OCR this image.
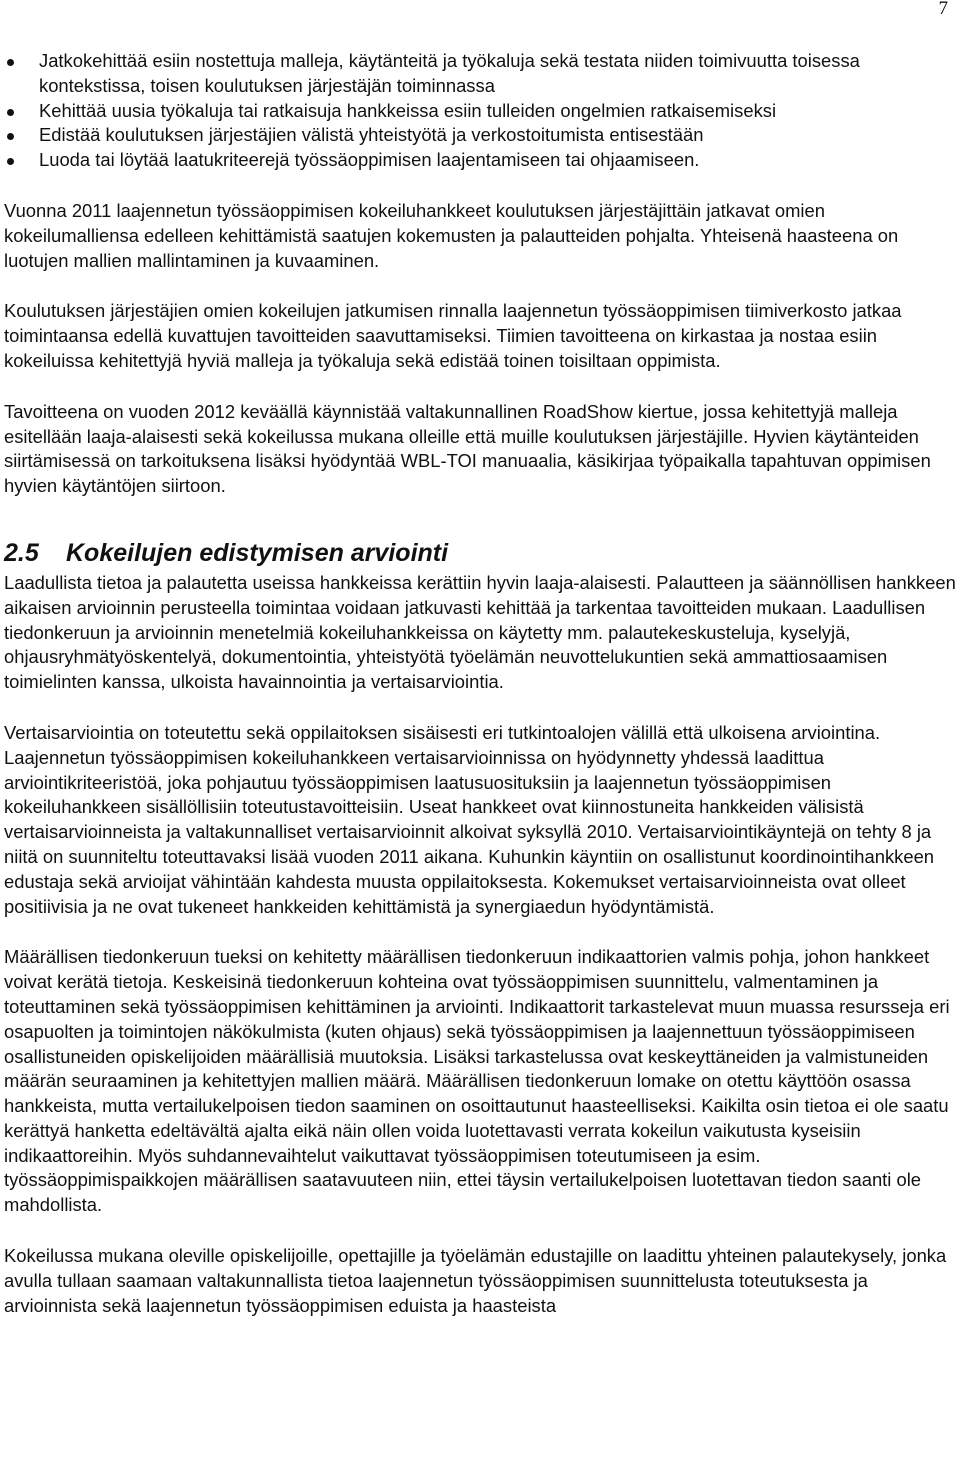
7
Jatkokehittää esiin nostettuja malleja, käytänteitä ja työkaluja sekä testata niiden toimivuutta toisessa kontekstissa, toisen koulutuksen järjestäjän toiminnassa
Kehittää uusia työkaluja tai ratkaisuja hankkeissa esiin tulleiden ongelmien ratkaisemiseksi
Edistää koulutuksen järjestäjien välistä yhteistyötä ja verkostoitumista entisestään
Luoda tai löytää laatukriteerejä työssäoppimisen laajentamiseen tai ohjaamiseen.

Vuonna 2011 laajennetun työssäoppimisen kokeiluhankkeet koulutuksen järjestäjittäin jatkavat omien kokeilumalliensa edelleen kehittämistä saatujen kokemusten ja palautteiden pohjalta. Yhteisenä haasteena on luotujen mallien mallintaminen ja kuvaaminen.

Koulutuksen järjestäjien omien kokeilujen jatkumisen rinnalla laajennetun työssäoppimisen tiimiverkosto jatkaa toimintaansa edellä kuvattujen tavoitteiden saavuttamiseksi. Tiimien tavoitteena on kirkastaa ja nostaa esiin kokeiluissa kehitettyjä hyviä malleja ja työkaluja sekä edistää toinen toisiltaan oppimista.

Tavoitteena on vuoden 2012 keväällä käynnistää valtakunnallinen RoadShow kiertue, jossa kehitettyjä malleja esitellään laaja-alaisesti sekä kokeilussa mukana olleille että muille koulutuksen järjestäjille. Hyvien käytänteiden siirtämisessä on tarkoituksena lisäksi hyödyntää WBL-TOI manuaalia, käsikirjaa työpaikalla tapahtuvan oppimisen hyvien käytäntöjen siirtoon.

2.5 Kokeilujen edistymisen arviointi

Laadullista tietoa ja palautetta useissa hankkeissa kerättiin hyvin laaja-alaisesti. Palautteen ja säännöllisen hankkeen aikaisen arvioinnin perusteella toimintaa voidaan jatkuvasti kehittää ja tarkentaa tavoitteiden mukaan. Laadullisen tiedonkeruun ja arvioinnin menetelmiä kokeiluhankkeissa on käytetty mm. palautekeskusteluja, kyselyjä, ohjausryhmätyöskentelyä, dokumentointia, yhteistyötä työelämän neuvottelukuntien sekä ammattiosaamisen toimielinten kanssa, ulkoista havainnointia ja vertaisarviointia.

Vertaisarviointia on toteutettu sekä oppilaitoksen sisäisesti eri tutkintoalojen välillä että ulkoisena arviointina. Laajennetun työssäoppimisen kokeiluhankkeen vertaisarvioinnissa on hyödynnetty yhdessä laadittua arviointikriteeristöä, joka pohjautuu työssäoppimisen laatusuosituksiin ja laajennetun työssäoppimisen kokeiluhankkeen sisällöllisiin toteutustavoitteisiin. Useat hankkeet ovat kiinnostuneita hankkeiden välisistä vertaisarvioinneista ja valtakunnalliset vertaisarvioinnit alkoivat syksyllä 2010. Vertaisarviointikäyntejä on tehty 8 ja niitä on suunniteltu toteuttavaksi lisää vuoden 2011 aikana. Kuhunkin käyntiin on osallistunut koordinointihankkeen edustaja sekä arvioijat vähintään kahdesta muusta oppilaitoksesta. Kokemukset vertaisarvioinneista ovat olleet positiivisia ja ne ovat tukeneet hankkeiden kehittämistä ja synergiaedun hyödyntämistä.

Määrällisen tiedonkeruun tueksi on kehitetty määrällisen tiedonkeruun indikaattorien valmis pohja, johon hankkeet voivat kerätä tietoja. Keskeisinä tiedonkeruun kohteina ovat työssäoppimisen suunnittelu, valmentaminen ja toteuttaminen sekä työssäoppimisen kehittäminen ja arviointi. Indikaattorit tarkastelevat muun muassa resursseja eri osapuolten ja toimintojen näkökulmista (kuten ohjaus) sekä työssäoppimisen ja laajennettuun työssäoppimiseen osallistuneiden opiskelijoiden määrällisiä muutoksia. Lisäksi tarkastelussa ovat keskeyttäneiden ja valmistuneiden määrän seuraaminen ja kehitettyjen mallien määrä. Määrällisen tiedonkeruun lomake on otettu käyttöön osassa hankkeista, mutta vertailukelpoisen tiedon saaminen on osoittautunut haasteelliseksi. Kaikilta osin tietoa ei ole saatu kerättyä hanketta edeltävältä ajalta eikä näin ollen voida luotettavasti verrata kokeilun vaikutusta kyseisiin indikaattoreihin. Myös suhdannevaihtelut vaikuttavat työssäoppimisen toteutumiseen ja esim. työssäoppimispaikkojen määrällisen saatavuuteen niin, ettei täysin vertailukelpoisen luotettavan tiedon saanti ole mahdollista.

Kokeilussa mukana oleville opiskelijoille, opettajille ja työelämän edustajille on laadittu yhteinen palautekysely, jonka avulla tullaan saamaan valtakunnallista tietoa laajennetun työssäoppimisen suunnittelusta toteutuksesta ja arvioinnista sekä laajennetun työssäoppimisen eduista ja haasteista
